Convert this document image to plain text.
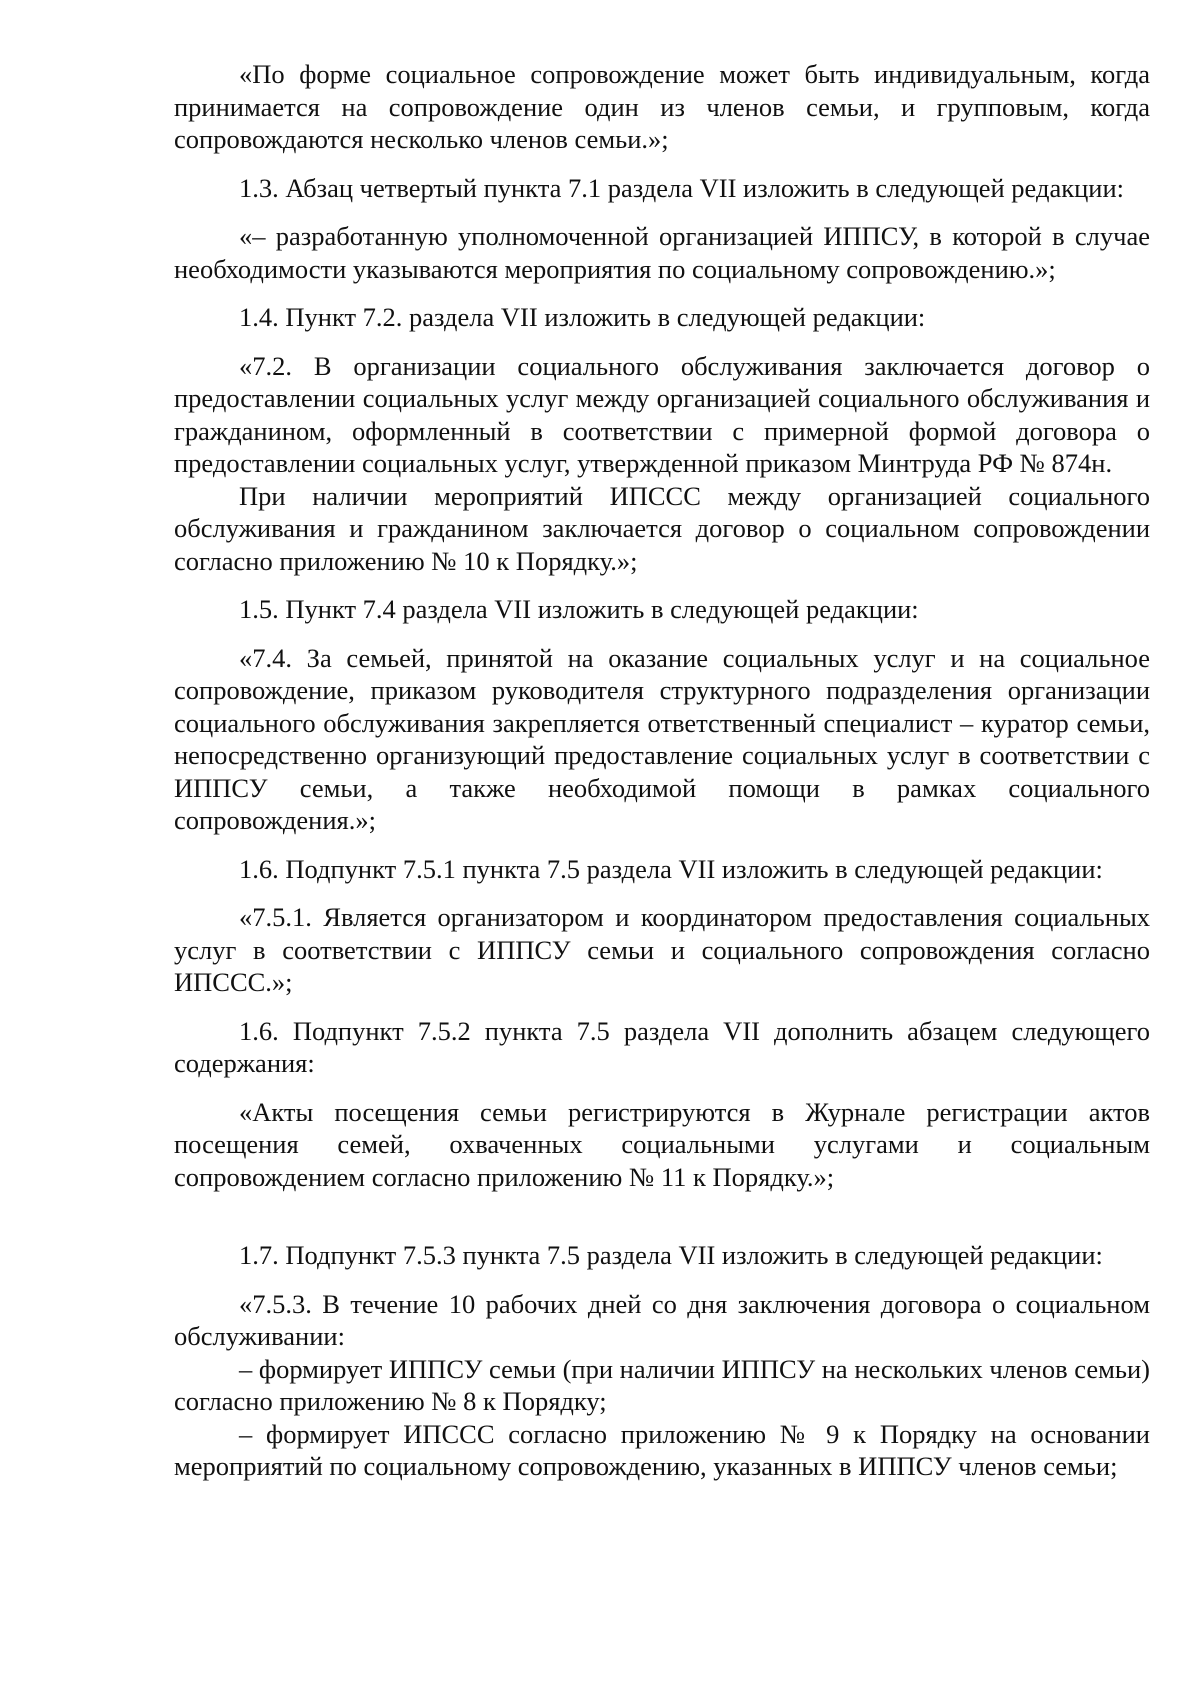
«По форме социальное сопровождение может быть индивидуальным, когда принимается на сопровождение один из членов семьи, и групповым, когда сопровождаются несколько членов семьи.»;

1.3. Абзац четвертый пункта 7.1 раздела VII изложить в следующей редакции:

«– разработанную уполномоченной организацией ИППСУ, в которой в случае необходимости указываются мероприятия по социальному сопровождению.»;

1.4. Пункт 7.2. раздела VII изложить в следующей редакции:

«7.2. В организации социального обслуживания заключается договор о предоставлении социальных услуг между организацией социального обслуживания и гражданином, оформленный в соответствии с примерной формой договора о предоставлении социальных услуг, утвержденной приказом Минтруда РФ № 874н.

При наличии мероприятий ИПССС между организацией социального обслуживания и гражданином заключается договор о социальном сопровождении согласно приложению № 10 к Порядку.»;

1.5. Пункт 7.4 раздела VII изложить в следующей редакции:

«7.4. За семьей, принятой на оказание социальных услуг и на социальное сопровождение, приказом руководителя структурного подразделения организации социального обслуживания закрепляется ответственный специалист – куратор семьи, непосредственно организующий предоставление социальных услуг в соответствии с ИППСУ семьи, а также необходимой помощи в рамках социального сопровождения.»;

1.6. Подпункт 7.5.1 пункта 7.5 раздела VII изложить в следующей редакции:

«7.5.1. Является организатором и координатором предоставления социальных услуг в соответствии с ИППСУ семьи и социального сопровождения согласно ИПССС.»;

1.6. Подпункт 7.5.2 пункта 7.5 раздела VII дополнить абзацем следующего содержания:

«Акты посещения семьи регистрируются в Журнале регистрации актов посещения семей, охваченных социальными услугами и социальным сопровождением согласно приложению № 11 к Порядку.»;

1.7. Подпункт 7.5.3 пункта 7.5 раздела VII изложить в следующей редакции:

«7.5.3. В течение 10 рабочих дней со дня заключения договора о социальном обслуживании:

– формирует ИППСУ семьи (при наличии ИППСУ на нескольких членов семьи) согласно приложению № 8 к Порядку;

– формирует ИПССС согласно приложению № 9 к Порядку на основании мероприятий по социальному сопровождению, указанных в ИППСУ членов семьи;
